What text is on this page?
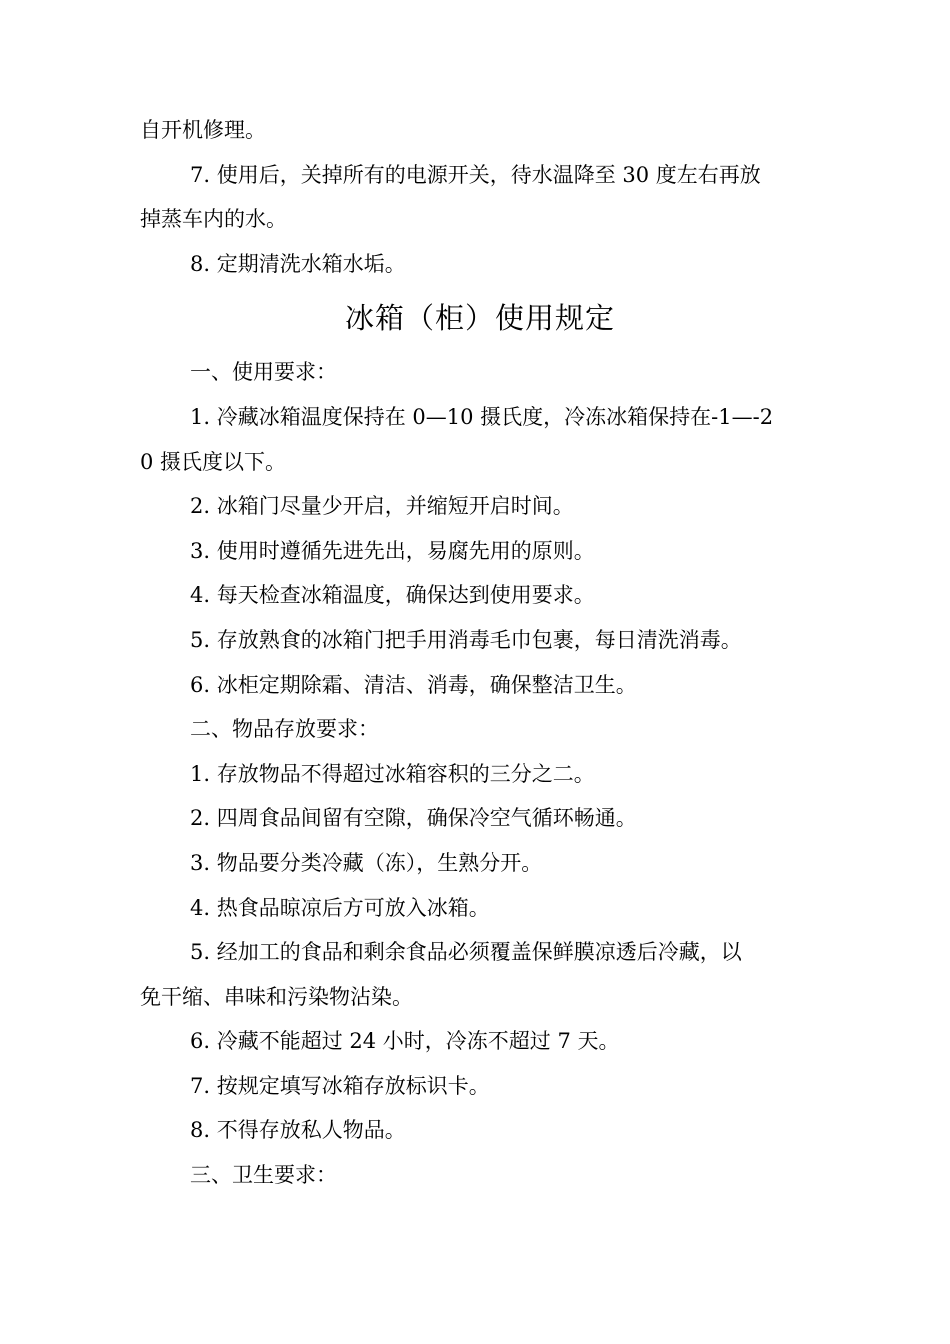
自开机修理。
7. 使用后，关掉所有的电源开关，待水温降至 30 度左右再放
掉蒸车内的水。
8. 定期清洗水箱水垢。
冰箱（柜）使用规定
一、使用要求：
1. 冷藏冰箱温度保持在 0—10 摄氏度，冷冻冰箱保持在-1—-2
0 摄氏度以下。
2. 冰箱门尽量少开启，并缩短开启时间。
3. 使用时遵循先进先出，易腐先用的原则。
4. 每天检查冰箱温度，确保达到使用要求。
5. 存放熟食的冰箱门把手用消毒毛巾包裹，每日清洗消毒。
6. 冰柜定期除霜、清洁、消毒，确保整洁卫生。
二、物品存放要求：
1. 存放物品不得超过冰箱容积的三分之二。
2. 四周食品间留有空隙，确保冷空气循环畅通。
3. 物品要分类冷藏（冻），生熟分开。
4. 热食品晾凉后方可放入冰箱。
5. 经加工的食品和剩余食品必须覆盖保鲜膜凉透后冷藏，以
免干缩、串味和污染物沾染。
6. 冷藏不能超过 24 小时，冷冻不超过 7 天。
7. 按规定填写冰箱存放标识卡。
8. 不得存放私人物品。
三、卫生要求：
